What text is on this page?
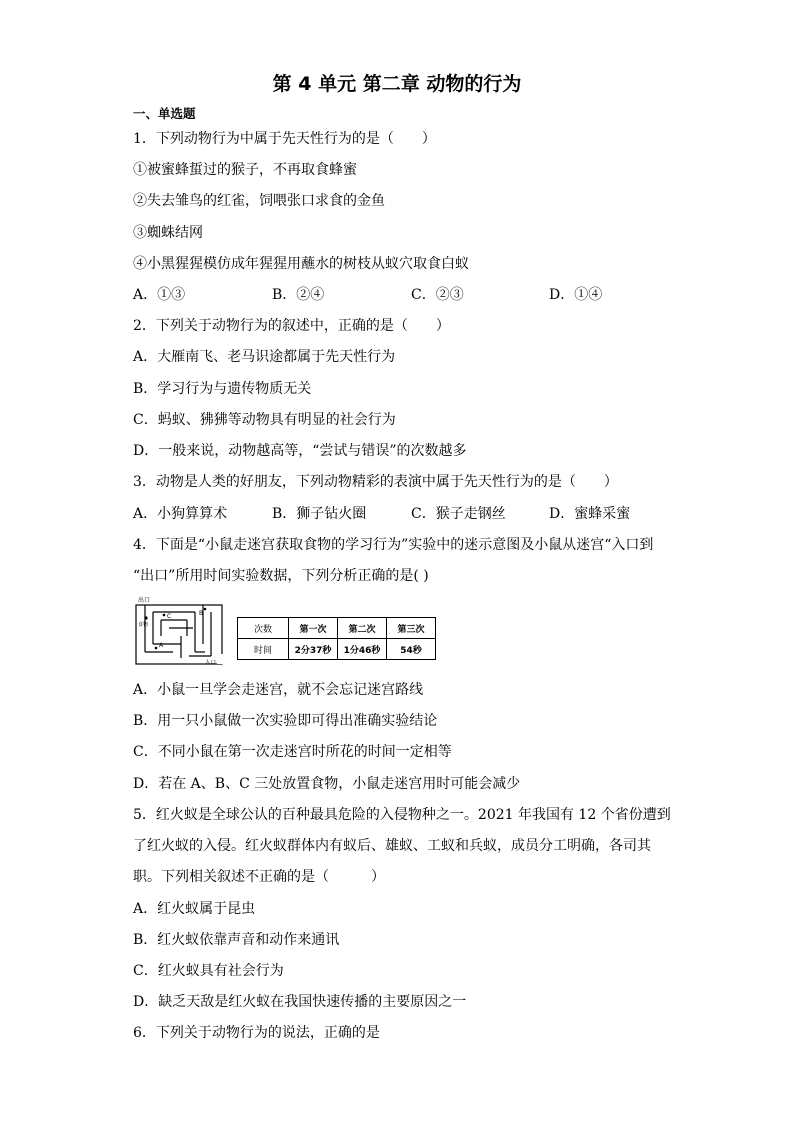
第 4 单元 第二章 动物的行为
一、单选题
1．下列动物行为中属于先天性行为的是（　　）
①被蜜蜂蜇过的猴子，不再取食蜂蜜
②失去雏鸟的红雀，饲喂张口求食的金鱼
③蜘蛛结网
④小黑猩猩模仿成年猩猩用蘸水的树枝从蚁穴取食白蚁
A．①③	B．②④	C．②③	D．①④
2．下列关于动物行为的叙述中，正确的是（　　）
A．大雁南飞、老马识途都属于先天性行为
B．学习行为与遗传物质无关
C．蚂蚁、狒狒等动物具有明显的社会行为
D．一般来说，动物越高等，“尝试与错误”的次数越多
3．动物是人类的好朋友，下列动物精彩的表演中属于先天性行为的是（　　）
A．小狗算算术	B．狮子钻火圈	C．猴子走钢丝	D．蜜蜂采蜜
4．下面是“小鼠走迷宫获取食物的学习行为”实验中的迷示意图及小鼠从迷宫“入口到
“出口”所用时间实验数据，下列分析正确的是( )
出口
食物
入口
A
B
C
次数	第一次	第二次	第三次
时间	2分37秒	1分46秒	54秒
A．小鼠一旦学会走迷宫，就不会忘记迷宫路线
B．用一只小鼠做一次实验即可得出准确实验结论
C．不同小鼠在第一次走迷宫时所花的时间一定相等
D．若在 A、B、C 三处放置食物，小鼠走迷宫用时可能会减少
5．红火蚁是全球公认的百种最具危险的入侵物种之一。2021 年我国有 12 个省份遭到
了红火蚁的入侵。红火蚁群体内有蚁后、雄蚁、工蚁和兵蚁，成员分工明确，各司其
职。下列相关叙述不正确的是（　　　）
A．红火蚁属于昆虫
B．红火蚁依靠声音和动作来通讯
C．红火蚁具有社会行为
D．缺乏天敌是红火蚁在我国快速传播的主要原因之一
6．下列关于动物行为的说法，正确的是
